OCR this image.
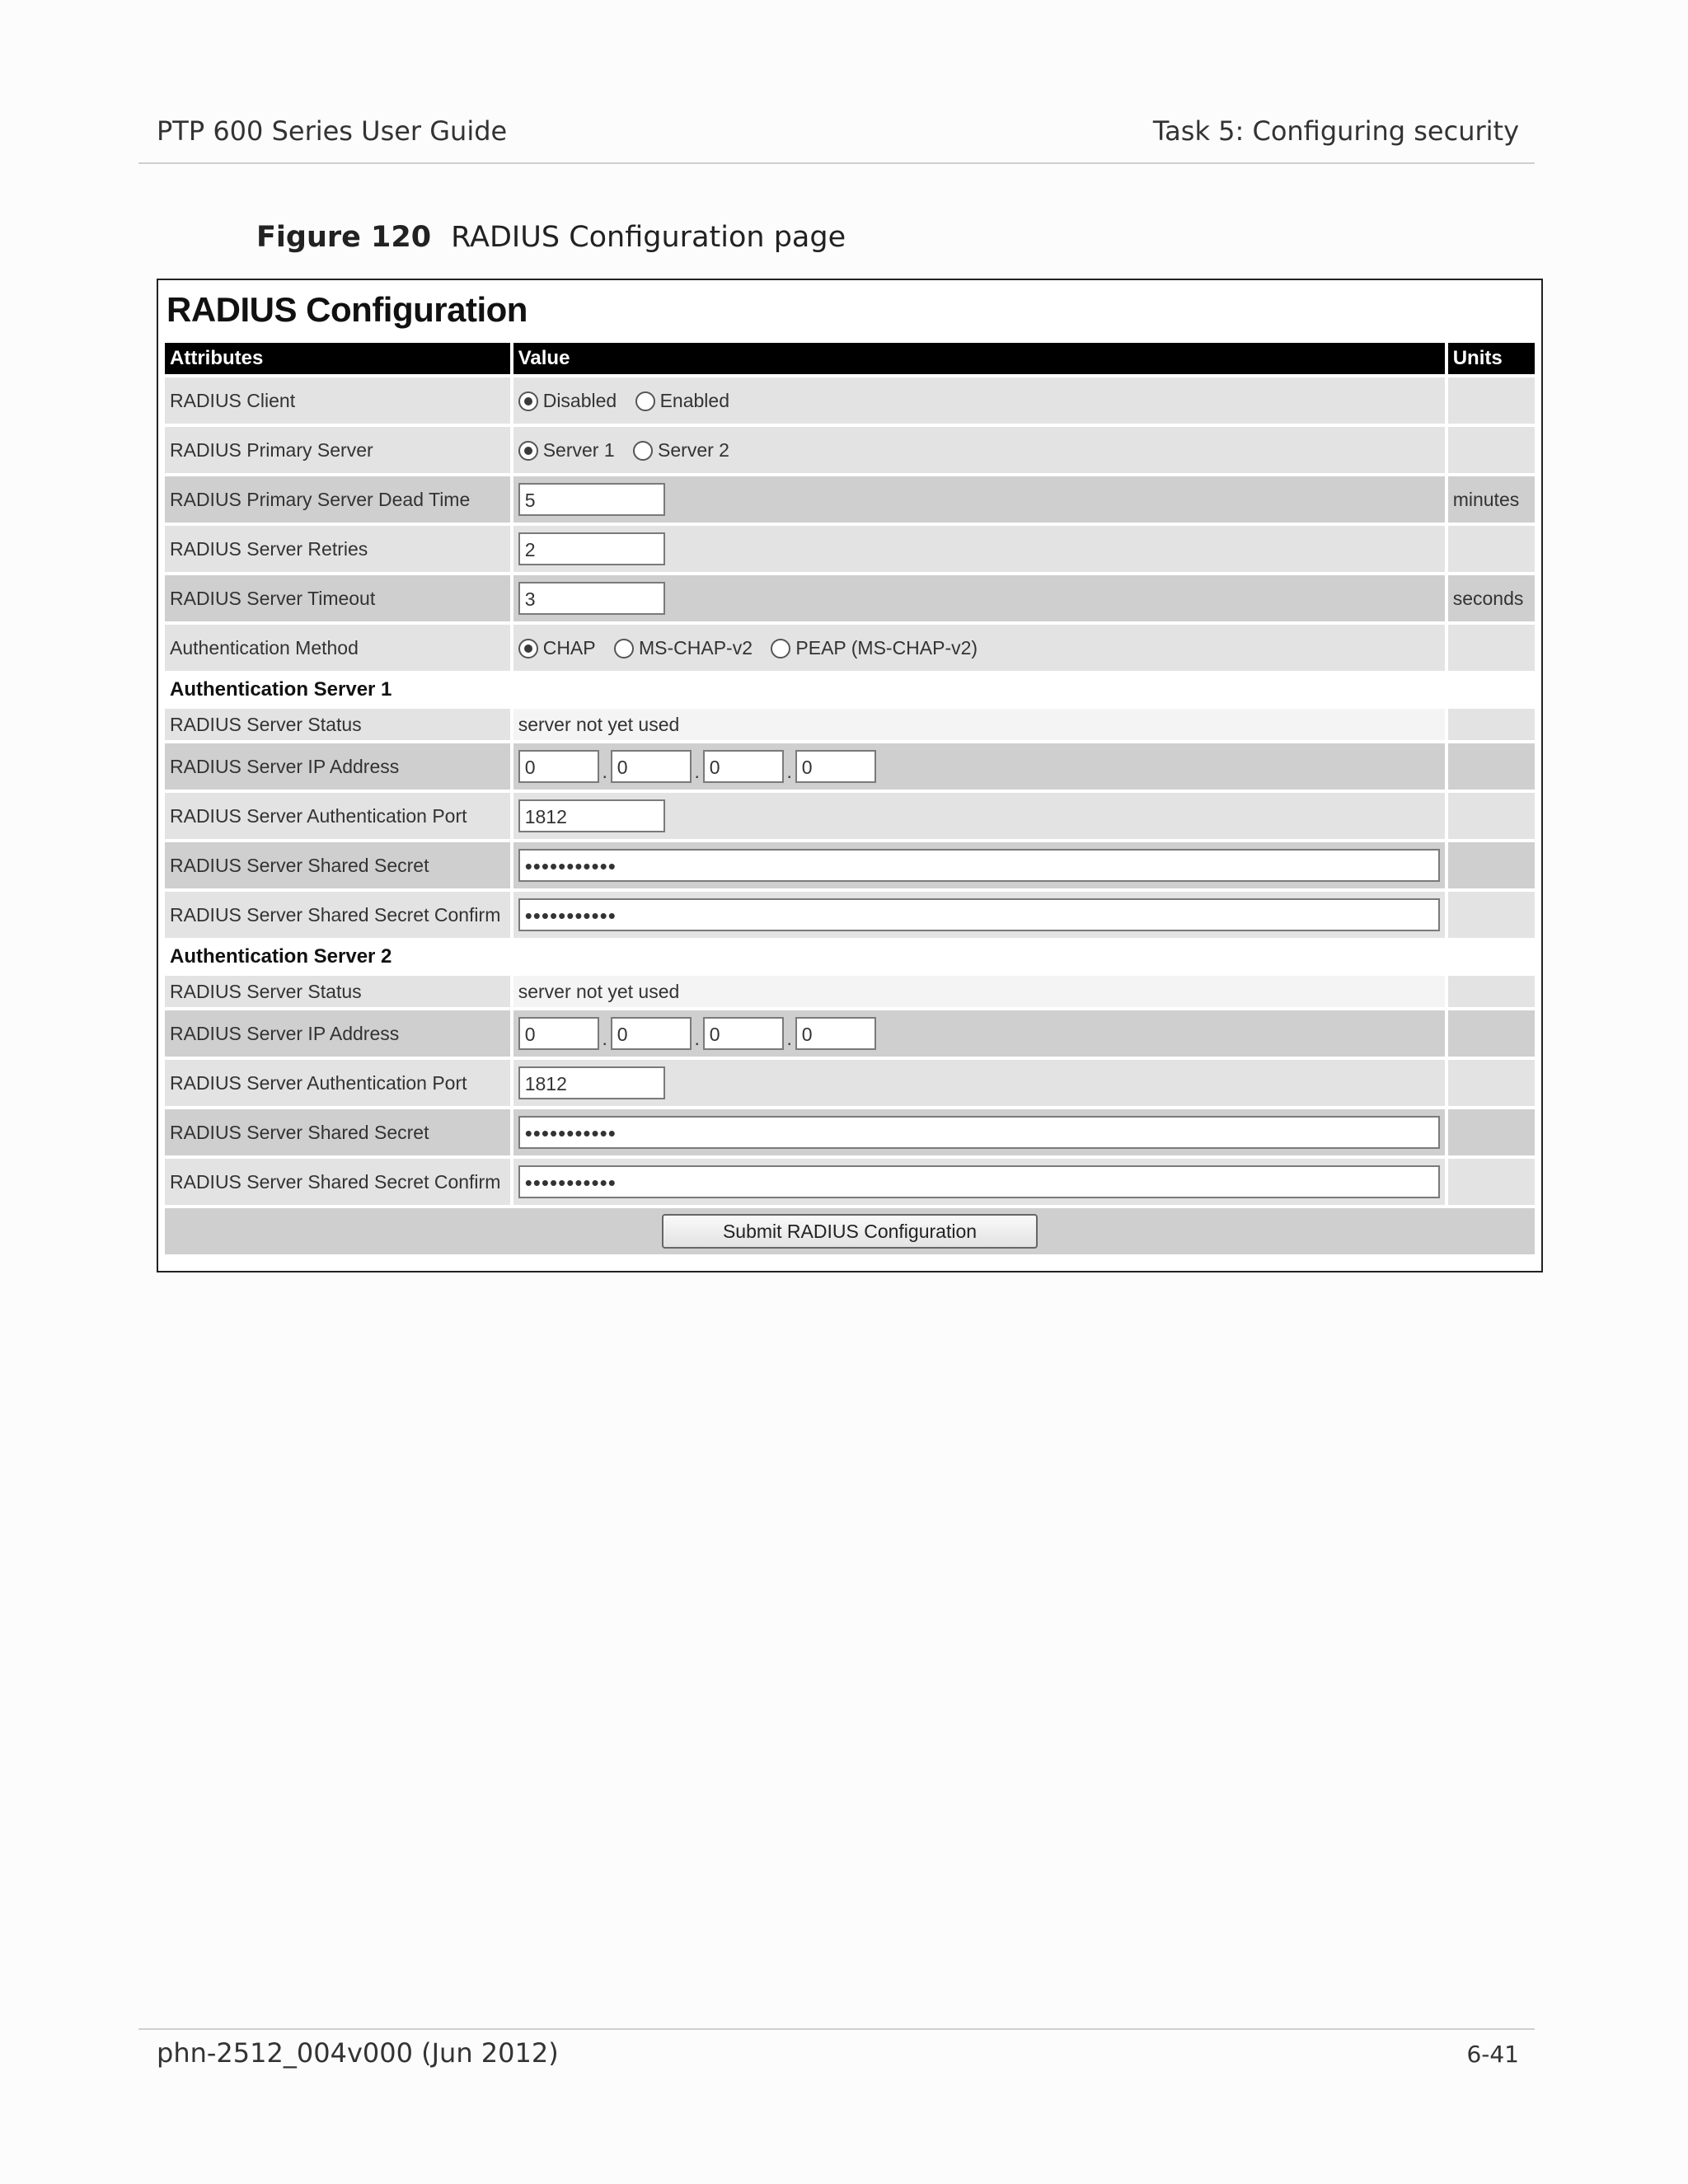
PTP 600 Series User Guide	Task 5: Configuring security
Figure 120 RADIUS Configuration page
RADIUS Configuration
Attributes	Value	Units
RADIUS Client	Disabled Enabled	
RADIUS Primary Server	Server 1 Server 2	
RADIUS Primary Server Dead Time	5	minutes
RADIUS Server Retries	2	
RADIUS Server Timeout	3	seconds
Authentication Method	CHAP MS-CHAP-v2 PEAP (MS-CHAP-v2)	
Authentication Server 1		
RADIUS Server Status	server not yet used	
RADIUS Server IP Address	0 . 0 . 0 . 0	
RADIUS Server Authentication Port	1812	
RADIUS Server Shared Secret	•••••••••••	
RADIUS Server Shared Secret Confirm	•••••••••••	
Authentication Server 2		
RADIUS Server Status	server not yet used	
RADIUS Server IP Address	0 . 0 . 0 . 0	
RADIUS Server Authentication Port	1812	
RADIUS Server Shared Secret	•••••••••••	
RADIUS Server Shared Secret Confirm	•••••••••••	
Submit RADIUS Configuration		
phn-2512_004v000 (Jun 2012)	6-41
